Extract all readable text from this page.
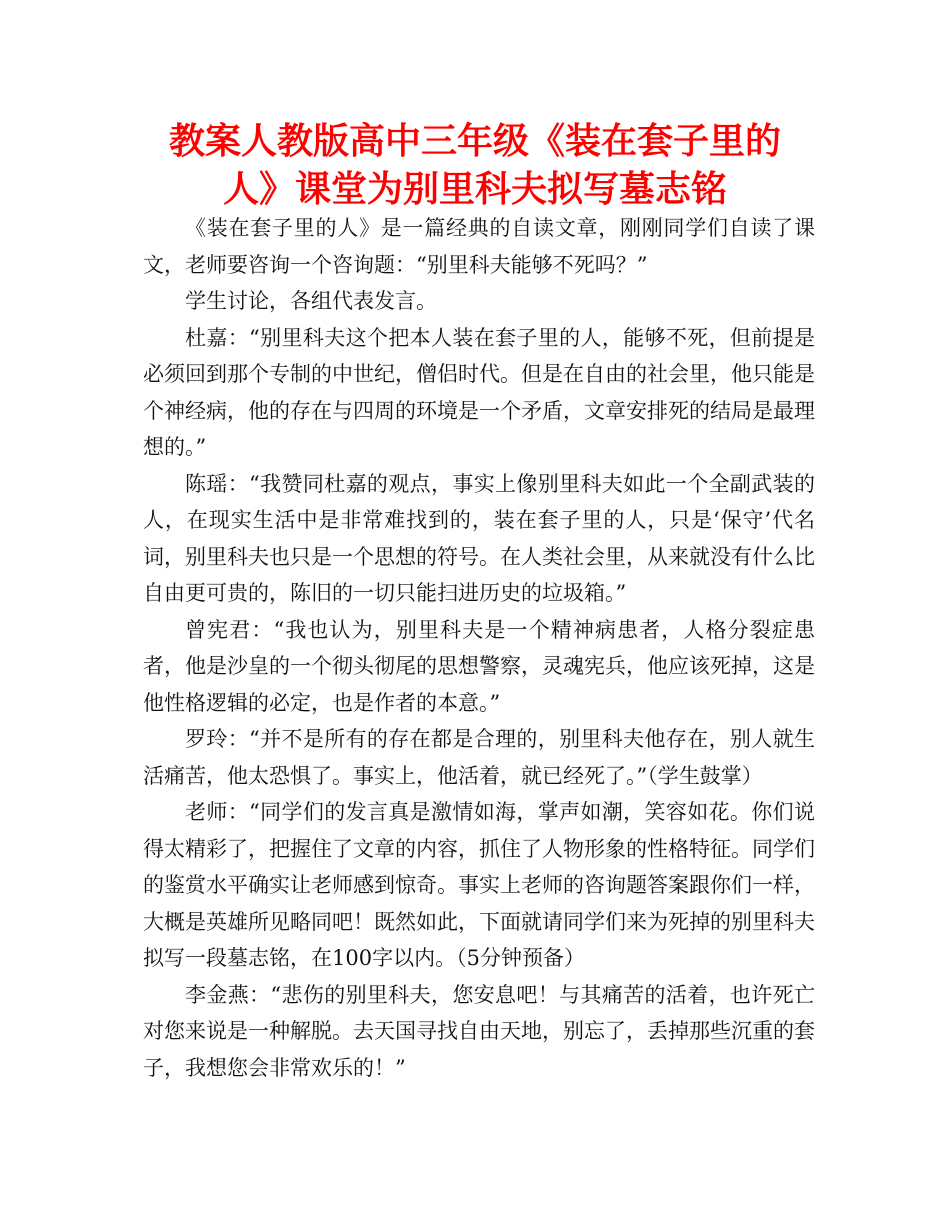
教案人教版高中三年级《装在套子里的
人》课堂为别里科夫拟写墓志铭

《装在套子里的人》是一篇经典的自读文章，刚刚同学们自读了课文，老师要咨询一个咨询题：“别里科夫能够不死吗？”

学生讨论，各组代表发言。

杜嘉：“别里科夫这个把本人装在套子里的人，能够不死，但前提是必须回到那个专制的中世纪，僧侣时代。但是在自由的社会里，他只能是个神经病，他的存在与四周的环境是一个矛盾，文章安排死的结局是最理想的。”

陈瑶：“我赞同杜嘉的观点，事实上像别里科夫如此一个全副武装的人，在现实生活中是非常难找到的，装在套子里的人，只是‘保守’代名词，别里科夫也只是一个思想的符号。在人类社会里，从来就没有什么比自由更可贵的，陈旧的一切只能扫进历史的垃圾箱。”

曾宪君：“我也认为，别里科夫是一个精神病患者，人格分裂症患者，他是沙皇的一个彻头彻尾的思想警察，灵魂宪兵，他应该死掉，这是他性格逻辑的必定，也是作者的本意。”

罗玲：“并不是所有的存在都是合理的，别里科夫他存在，别人就生活痛苦，他太恐惧了。事实上，他活着，就已经死了。”（学生鼓掌）

老师：“同学们的发言真是激情如海，掌声如潮，笑容如花。你们说得太精彩了，把握住了文章的内容，抓住了人物形象的性格特征。同学们的鉴赏水平确实让老师感到惊奇。事实上老师的咨询题答案跟你们一样，大概是英雄所见略同吧！既然如此，下面就请同学们来为死掉的别里科夫拟写一段墓志铭，在100字以内。（5分钟预备）

李金燕：“悲伤的别里科夫，您安息吧！与其痛苦的活着，也许死亡对您来说是一种解脱。去天国寻找自由天地，别忘了，丢掉那些沉重的套子，我想您会非常欢乐的！”
